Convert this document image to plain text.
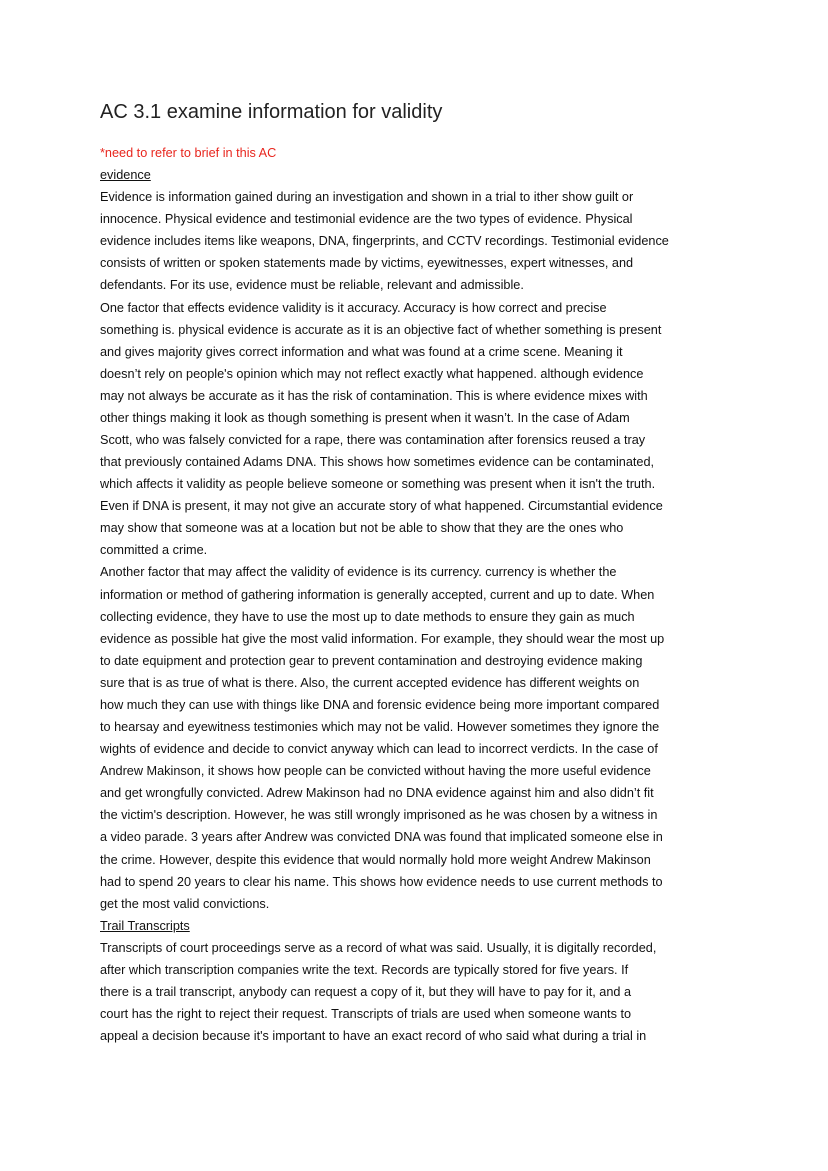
AC 3.1 examine information for validity
*need to refer to brief in this AC
evidence
Evidence is information gained during an investigation and shown in a trial to ither show guilt or
innocence. Physical evidence and testimonial evidence are the two types of evidence. Physical
evidence includes items like weapons, DNA, fingerprints, and CCTV recordings. Testimonial evidence
consists of written or spoken statements made by victims, eyewitnesses, expert witnesses, and
defendants. For its use, evidence must be reliable, relevant and admissible.
One factor that effects evidence validity is it accuracy. Accuracy is how correct and precise
something is. physical evidence is accurate as it is an objective fact of whether something is present
and gives majority gives correct information and what was found at a crime scene. Meaning it
doesn’t rely on people's opinion which may not reflect exactly what happened. although evidence
may not always be accurate as it has the risk of contamination. This is where evidence mixes with
other things making it look as though something is present when it wasn’t. In the case of Adam
Scott, who was falsely convicted for a rape, there was contamination after forensics reused a tray
that previously contained Adams DNA. This shows how sometimes evidence can be contaminated,
which affects it validity as people believe someone or something was present when it isn't the truth.
Even if DNA is present, it may not give an accurate story of what happened. Circumstantial evidence
may show that someone was at a location but not be able to show that they are the ones who
committed a crime.
Another factor that may affect the validity of evidence is its currency. currency is whether the
information or method of gathering information is generally accepted, current and up to date. When
collecting evidence, they have to use the most up to date methods to ensure they gain as much
evidence as possible hat give the most valid information. For example, they should wear the most up
to date equipment and protection gear to prevent contamination and destroying evidence making
sure that is as true of what is there. Also, the current accepted evidence has different weights on
how much they can use with things like DNA and forensic evidence being more important compared
to hearsay and eyewitness testimonies which may not be valid. However sometimes they ignore the
wights of evidence and decide to convict anyway which can lead to incorrect verdicts. In the case of
Andrew Makinson, it shows how people can be convicted without having the more useful evidence
and get wrongfully convicted. Adrew Makinson had no DNA evidence against him and also didn’t fit
the victim's description. However, he was still wrongly imprisoned as he was chosen by a witness in
a video parade. 3 years after Andrew was convicted DNA was found that implicated someone else in
the crime. However, despite this evidence that would normally hold more weight Andrew Makinson
had to spend 20 years to clear his name. This shows how evidence needs to use current methods to
get the most valid convictions.
Trail Transcripts
Transcripts of court proceedings serve as a record of what was said. Usually, it is digitally recorded,
after which transcription companies write the text. Records are typically stored for five years. If
there is a trail transcript, anybody can request a copy of it, but they will have to pay for it, and a
court has the right to reject their request. Transcripts of trials are used when someone wants to
appeal a decision because it's important to have an exact record of who said what during a trial in
